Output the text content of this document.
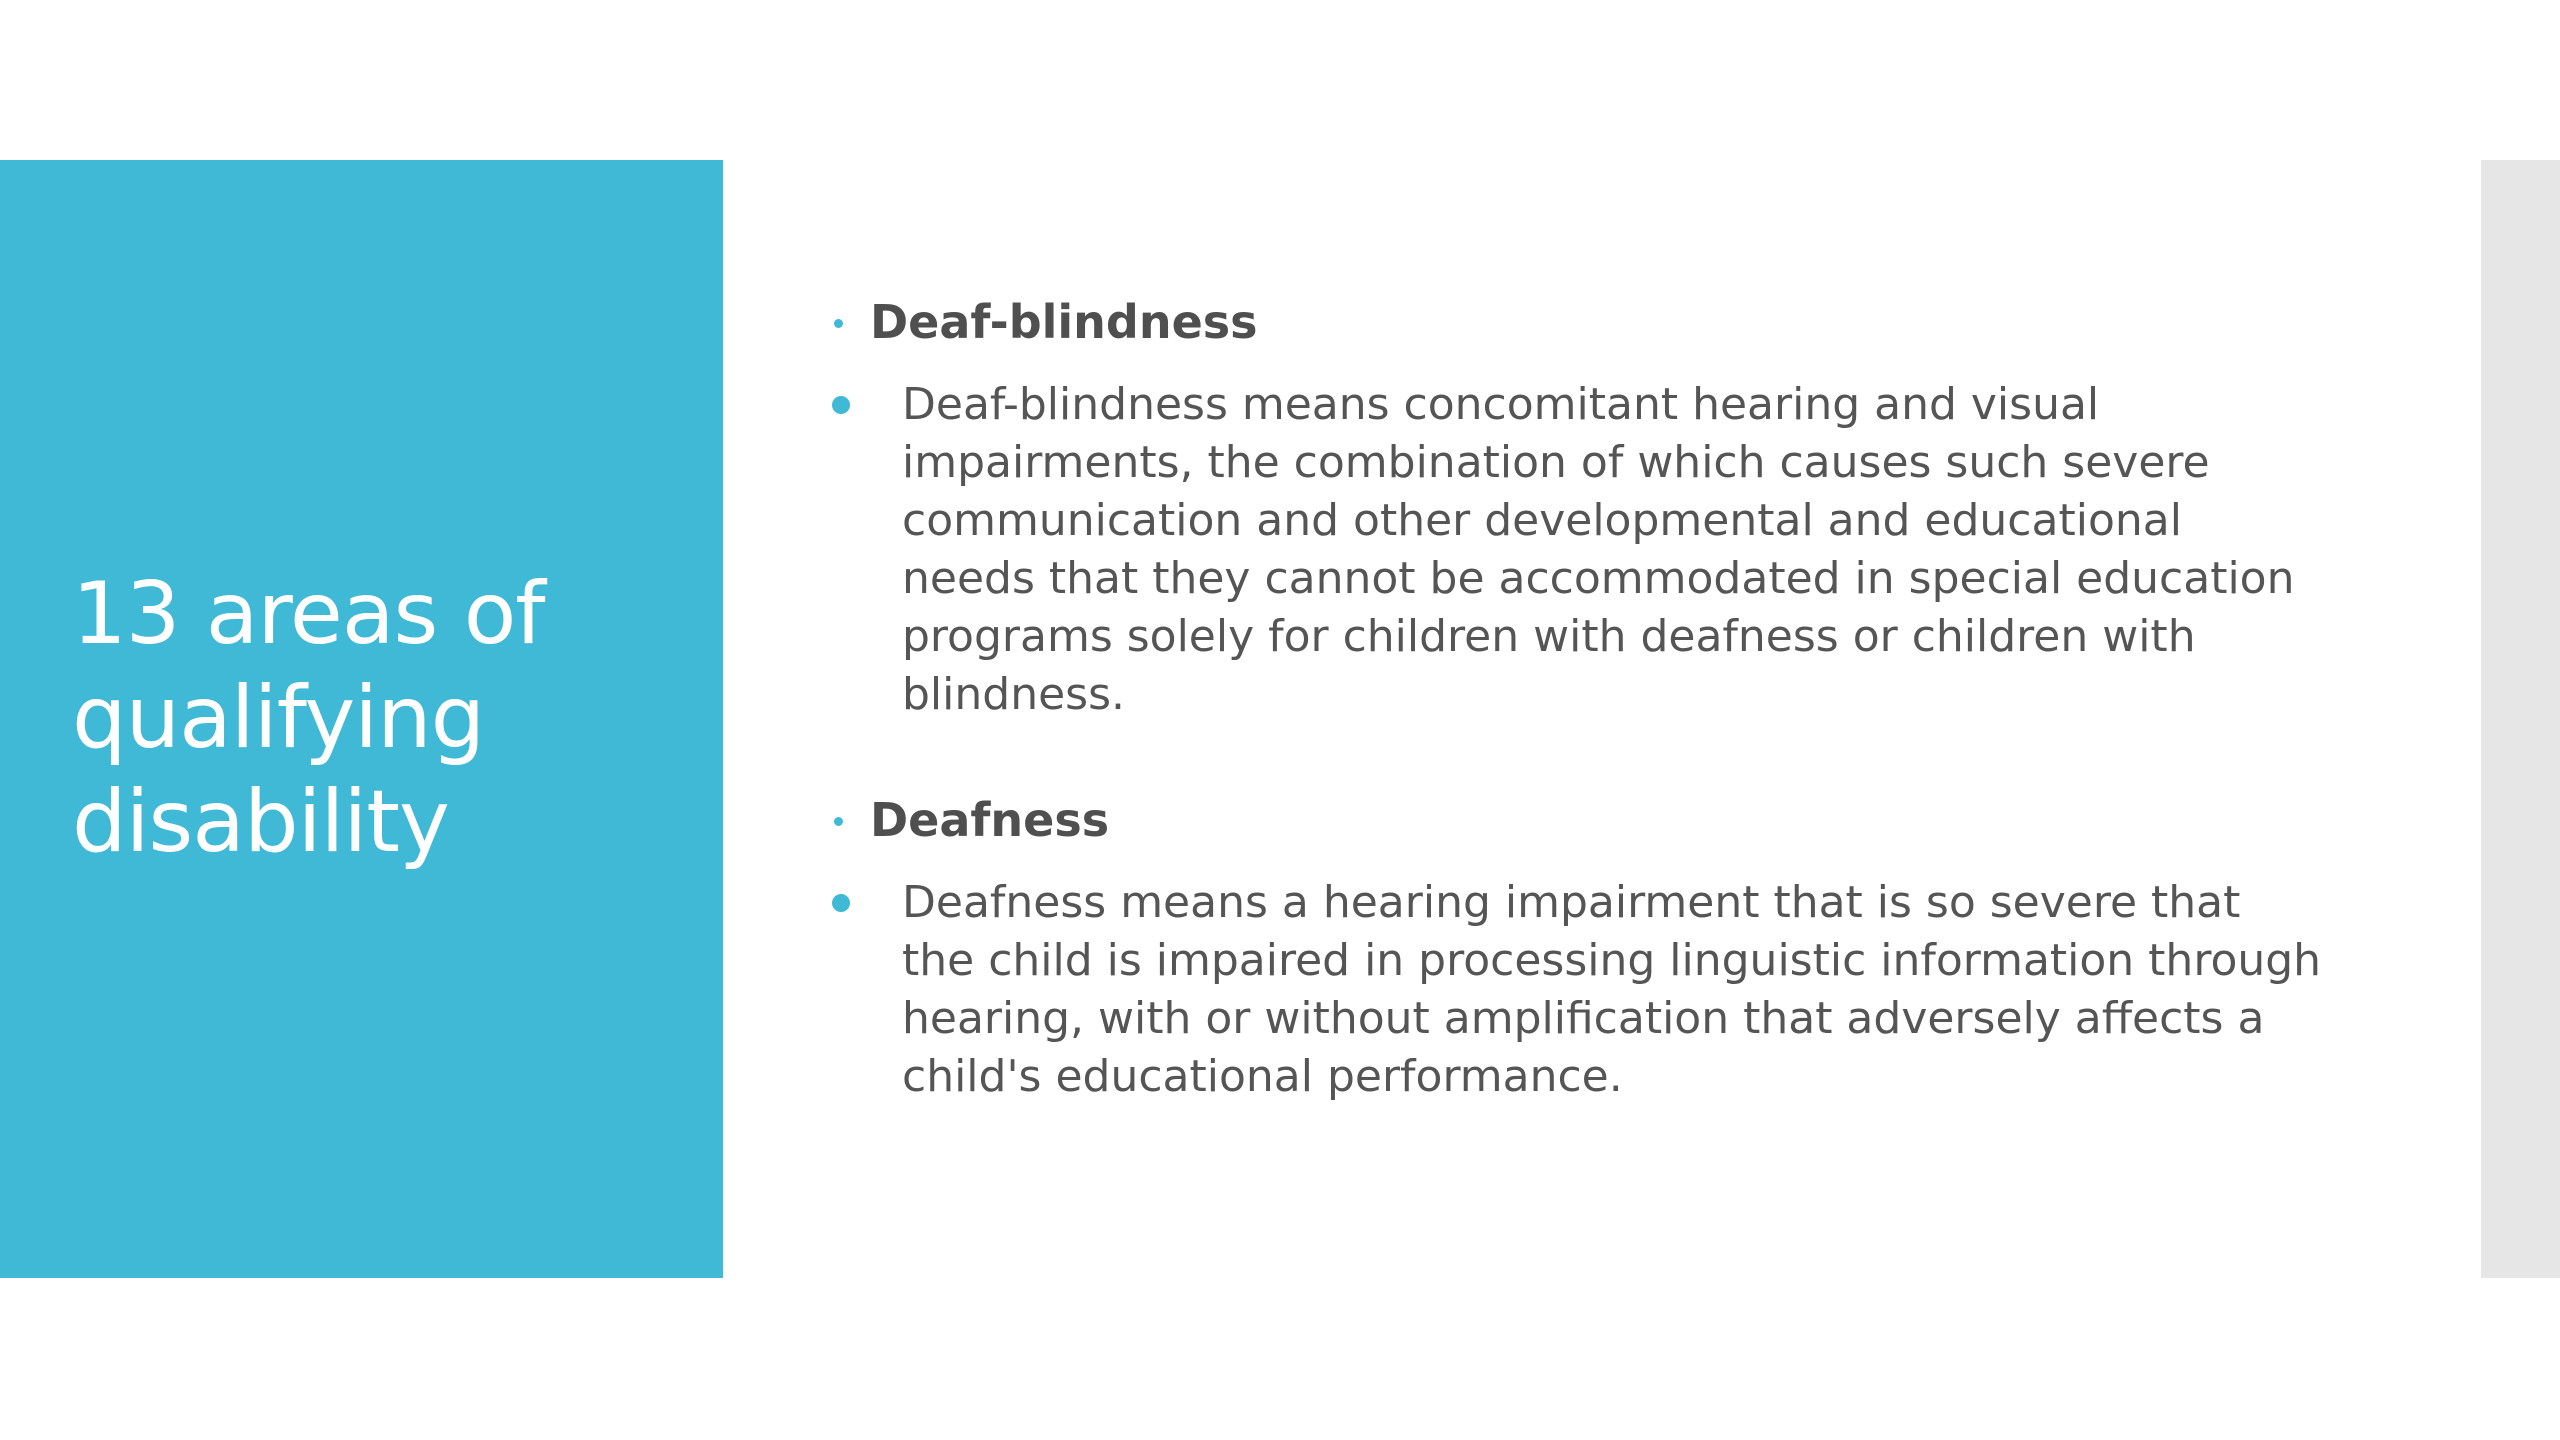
13 areas of qualifying disability
Deaf-blindness
Deaf-blindness means concomitant hearing and visual impairments, the combination of which causes such severe communication and other developmental and educational needs that they cannot be accommodated in special education programs solely for children with deafness or children with blindness.
Deafness
Deafness means a hearing impairment that is so severe that the child is impaired in processing linguistic information through hearing, with or without amplification that adversely affects a child's educational performance.
